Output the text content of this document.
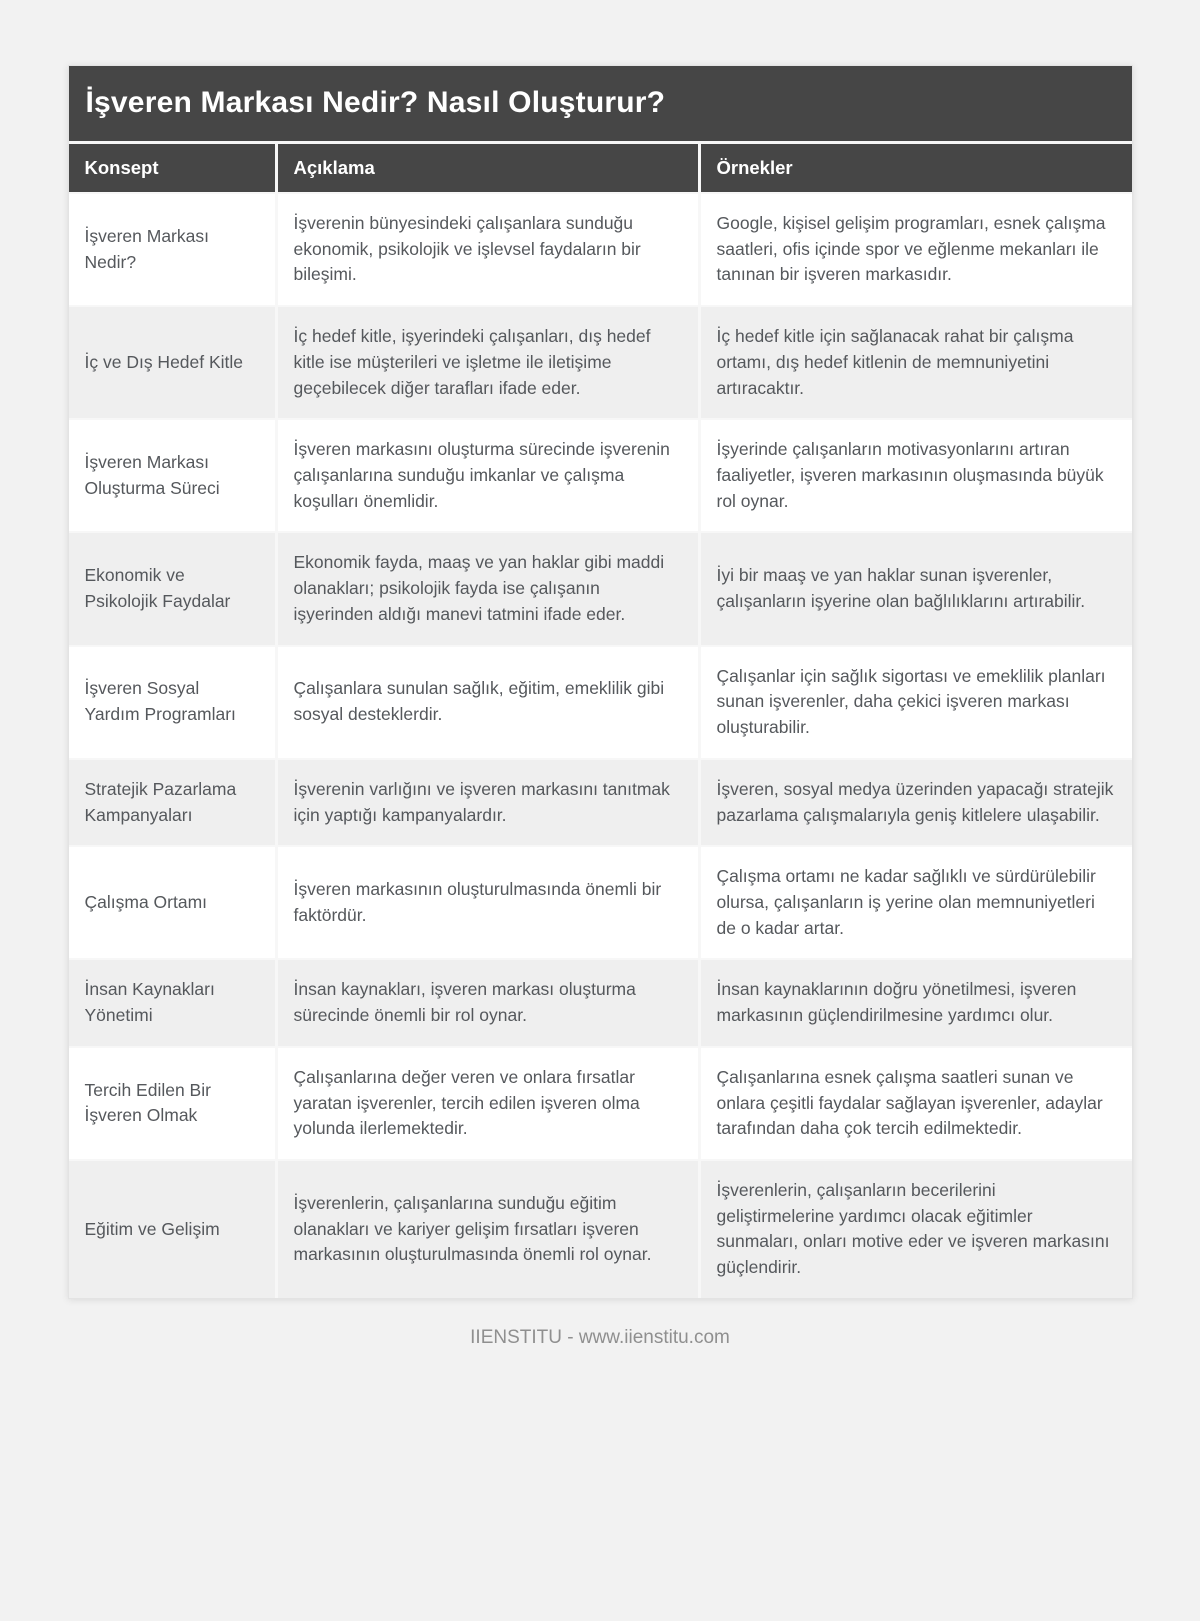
İşveren Markası Nedir? Nasıl Oluşturur?
Konsept	Açıklama	Örnekler
İşveren Markası Nedir?
İşverenin bünyesindeki çalışanlara sunduğu ekonomik, psikolojik ve işlevsel faydaların bir bileşimi.
Google, kişisel gelişim programları, esnek çalışma saatleri, ofis içinde spor ve eğlenme mekanları ile tanınan bir işveren markasıdır.
İç ve Dış Hedef Kitle
İç hedef kitle, işyerindeki çalışanları, dış hedef kitle ise müşterileri ve işletme ile iletişime geçebilecek diğer tarafları ifade eder.
İç hedef kitle için sağlanacak rahat bir çalışma ortamı, dış hedef kitlenin de memnuniyetini artıracaktır.
İşveren Markası Oluşturma Süreci
İşveren markasını oluşturma sürecinde işverenin çalışanlarına sunduğu imkanlar ve çalışma koşulları önemlidir.
İşyerinde çalışanların motivasyonlarını artıran faaliyetler, işveren markasının oluşmasında büyük rol oynar.
Ekonomik ve Psikolojik Faydalar
Ekonomik fayda, maaş ve yan haklar gibi maddi olanakları; psikolojik fayda ise çalışanın işyerinden aldığı manevi tatmini ifade eder.
İyi bir maaş ve yan haklar sunan işverenler, çalışanların işyerine olan bağlılıklarını artırabilir.
İşveren Sosyal Yardım Programları
Çalışanlara sunulan sağlık, eğitim, emeklilik gibi sosyal desteklerdir.
Çalışanlar için sağlık sigortası ve emeklilik planları sunan işverenler, daha çekici işveren markası oluşturabilir.
Stratejik Pazarlama Kampanyaları
İşverenin varlığını ve işveren markasını tanıtmak için yaptığı kampanyalardır.
İşveren, sosyal medya üzerinden yapacağı stratejik pazarlama çalışmalarıyla geniş kitlelere ulaşabilir.
Çalışma Ortamı
İşveren markasının oluşturulmasında önemli bir faktördür.
Çalışma ortamı ne kadar sağlıklı ve sürdürülebilir olursa, çalışanların iş yerine olan memnuniyetleri de o kadar artar.
İnsan Kaynakları Yönetimi
İnsan kaynakları, işveren markası oluşturma sürecinde önemli bir rol oynar.
İnsan kaynaklarının doğru yönetilmesi, işveren markasının güçlendirilmesine yardımcı olur.
Tercih Edilen Bir İşveren Olmak
Çalışanlarına değer veren ve onlara fırsatlar yaratan işverenler, tercih edilen işveren olma yolunda ilerlemektedir.
Çalışanlarına esnek çalışma saatleri sunan ve onlara çeşitli faydalar sağlayan işverenler, adaylar tarafından daha çok tercih edilmektedir.
Eğitim ve Gelişim
İşverenlerin, çalışanlarına sunduğu eğitim olanakları ve kariyer gelişim fırsatları işveren markasının oluşturulmasında önemli rol oynar.
İşverenlerin, çalışanların becerilerini geliştirmelerine yardımcı olacak eğitimler sunmaları, onları motive eder ve işveren markasını güçlendirir.
IIENSTITU - www.iienstitu.com
